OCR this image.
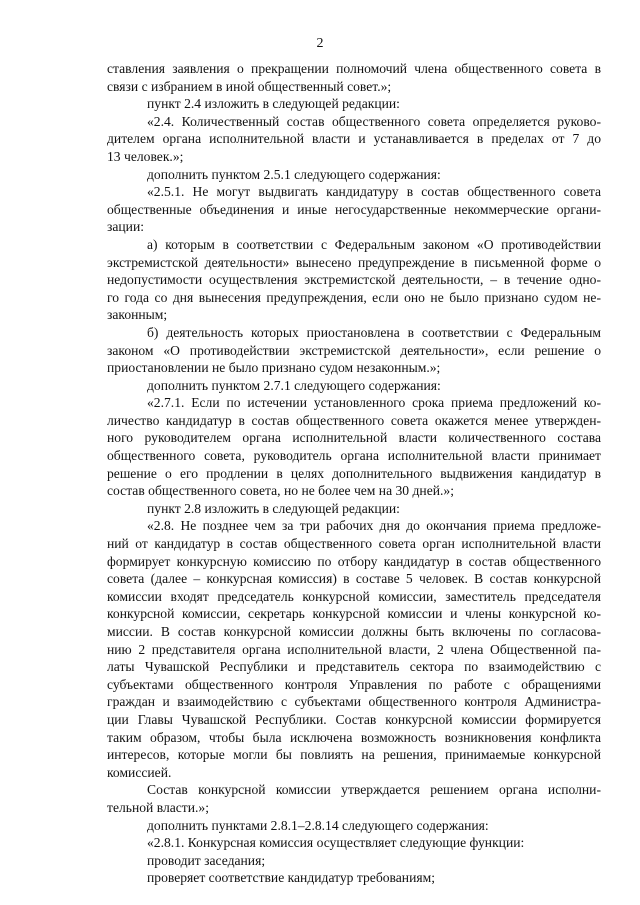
2
ставления заявления о прекращении полномочий члена общественного совета в
связи с избранием в иной общественный совет.»;
пункт 2.4 изложить в следующей редакции:
«2.4. Количественный состав общественного совета определяется руково-
дителем органа исполнительной власти и устанавливается в пределах от 7 до
13 человек.»;
дополнить пунктом 2.5.1 следующего содержания:
«2.5.1. Не могут выдвигать кандидатуру в состав общественного совета
общественные объединения и иные негосударственные некоммерческие органи-
зации:
а) которым в соответствии с Федеральным законом «О противодействии
экстремистской деятельности» вынесено предупреждение в письменной форме о
недопустимости осуществления экстремистской деятельности, – в течение одно-
го года со дня вынесения предупреждения, если оно не было признано судом не-
законным;
б) деятельность которых приостановлена в соответствии с Федеральным
законом «О противодействии экстремистской деятельности», если решение о
приостановлении не было признано судом незаконным.»;
дополнить пунктом 2.7.1 следующего содержания:
«2.7.1. Если по истечении установленного срока приема предложений ко-
личество кандидатур в состав общественного совета окажется менее утвержден-
ного руководителем органа исполнительной власти количественного состава
общественного совета, руководитель органа исполнительной власти принимает
решение о его продлении в целях дополнительного выдвижения кандидатур в
состав общественного совета, но не более чем на 30 дней.»;
пункт 2.8 изложить в следующей редакции:
«2.8. Не позднее чем за три рабочих дня до окончания приема предложе-
ний от кандидатур в состав общественного совета орган исполнительной власти
формирует конкурсную комиссию по отбору кандидатур в состав общественного
совета (далее – конкурсная комиссия) в составе 5 человек. В состав конкурсной
комиссии входят председатель конкурсной комиссии, заместитель председателя
конкурсной комиссии, секретарь конкурсной комиссии и члены конкурсной ко-
миссии. В состав конкурсной комиссии должны быть включены по согласова-
нию 2 представителя органа исполнительной власти, 2 члена Общественной па-
латы Чувашской Республики и представитель сектора по взаимодействию с
субъектами общественного контроля Управления по работе с обращениями
граждан и взаимодействию с субъектами общественного контроля Администра-
ции Главы Чувашской Республики. Состав конкурсной комиссии формируется
таким образом, чтобы была исключена возможность возникновения конфликта
интересов, которые могли бы повлиять на решения, принимаемые конкурсной
комиссией.
Состав конкурсной комиссии утверждается решением органа исполни-
тельной власти.»;
дополнить пунктами 2.8.1–2.8.14 следующего содержания:
«2.8.1. Конкурсная комиссия осуществляет следующие функции:
проводит заседания;
проверяет соответствие кандидатур требованиям;
